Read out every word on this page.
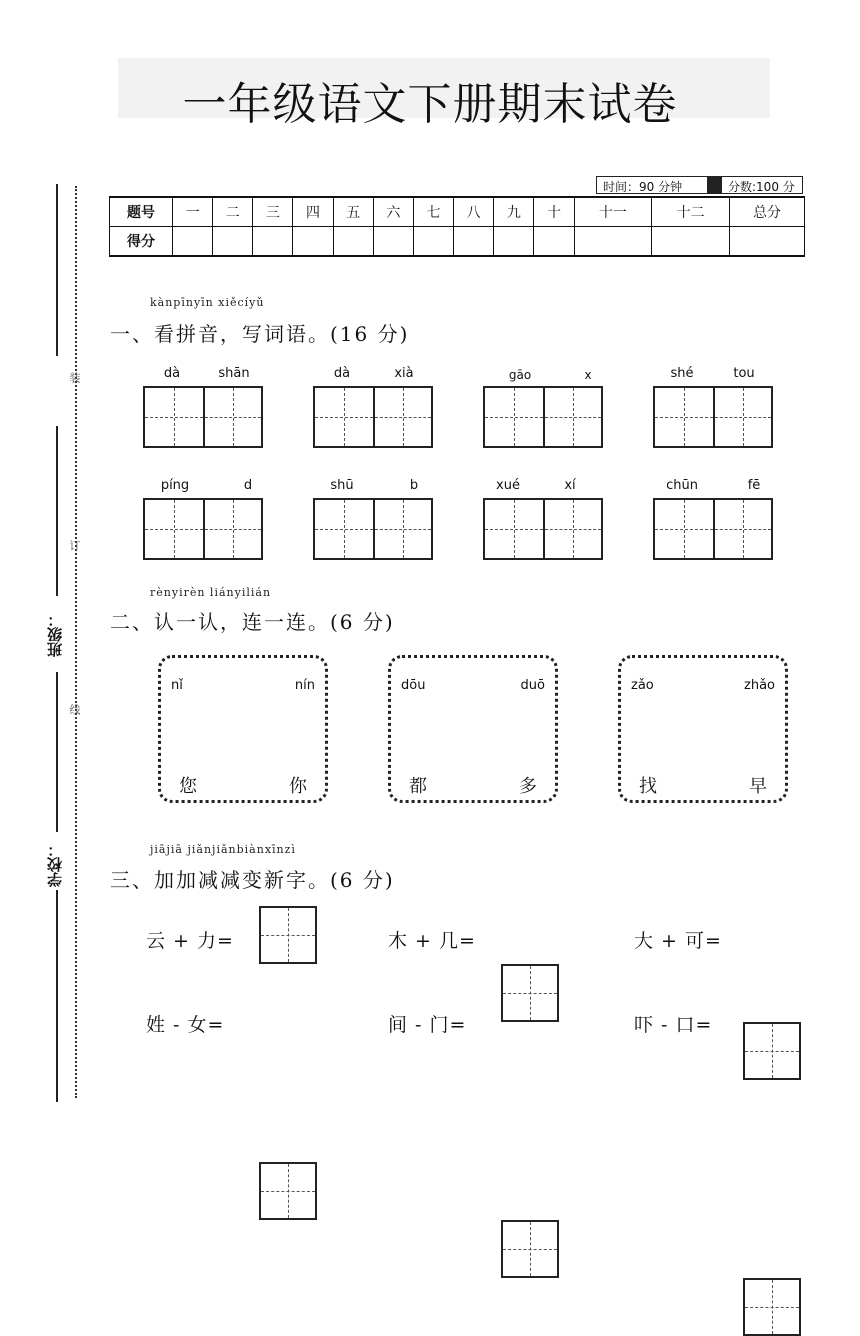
一年级语文下册期末试卷
班级：
学校：
装
订
线
时间：90 分钟	分数:100 分
题号	一	二	三	四	五	六	七	八	九	十	十一	十二	总分
得分													
kànpīnyīn xiěcíyǔ
一、看拼音，写词语。(16 分)
dà	shān	dà	xià	gāo	x	shé	tou
píng	d	shū	b	xué	xí	chūn	fē
rènyirèn liányilián
二、认一认，连一连。(6 分)
nǐ	nín
您	你
dōu	duō
都	多
zǎo	zhǎo
找	早
jiājiā jiǎnjiǎnbiànxīnzì
三、加加减减变新字。(6 分)
云 + 力=	木 + 几=	大 + 可=
姓 - 女=	间 - 门=	吓 - 口=
